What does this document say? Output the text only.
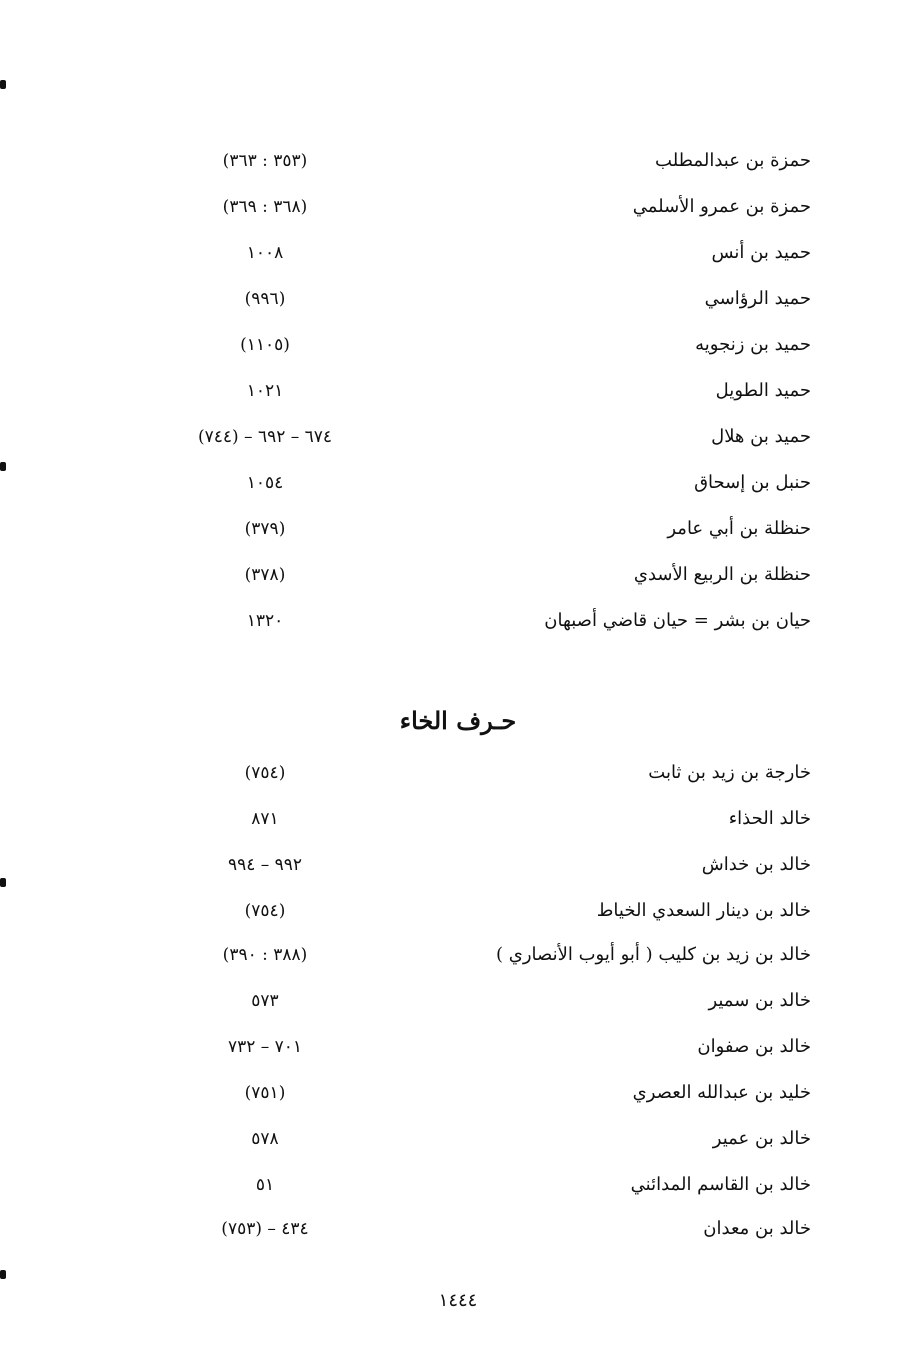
حمزة بن عبدالمطلب
(٣٥٣ : ٣٦٣)
حمزة بن عمرو الأسلمي
(٣٦٨ : ٣٦٩)
حميد بن أنس
١٠٠٨
حميد الرؤاسي
(٩٩٦)
حميد بن زنجويه
(١١٠٥)
حميد الطويل
١٠٢١
حميد بن هلال
٦٧٤ – ٦٩٢ – (٧٤٤)
حنبل بن إسحاق
١٠٥٤
حنظلة بن أبي عامر
(٣٧٩)
حنظلة بن الربيع الأسدي
(٣٧٨)
حيان بن بشر = حيان قاضي أصبهان
١٣٢٠
حـرف الخاء
خارجة بن زيد بن ثابت
(٧٥٤)
خالد الحذاء
٨٧١
خالد بن خداش
٩٩٢ – ٩٩٤
خالد بن دينار السعدي الخياط
(٧٥٤)
خالد بن زيد بن كليب ( أبو أيوب الأنصاري )
(٣٨٨ : ٣٩٠)
خالد بن سمير
٥٧٣
خالد بن صفوان
٧٠١ – ٧٣٢
خليد بن عبدالله العصري
(٧٥١)
خالد بن عمير
٥٧٨
خالد بن القاسم المدائني
٥١
خالد بن معدان
٤٣٤ – (٧٥٣)
١٤٤٤
